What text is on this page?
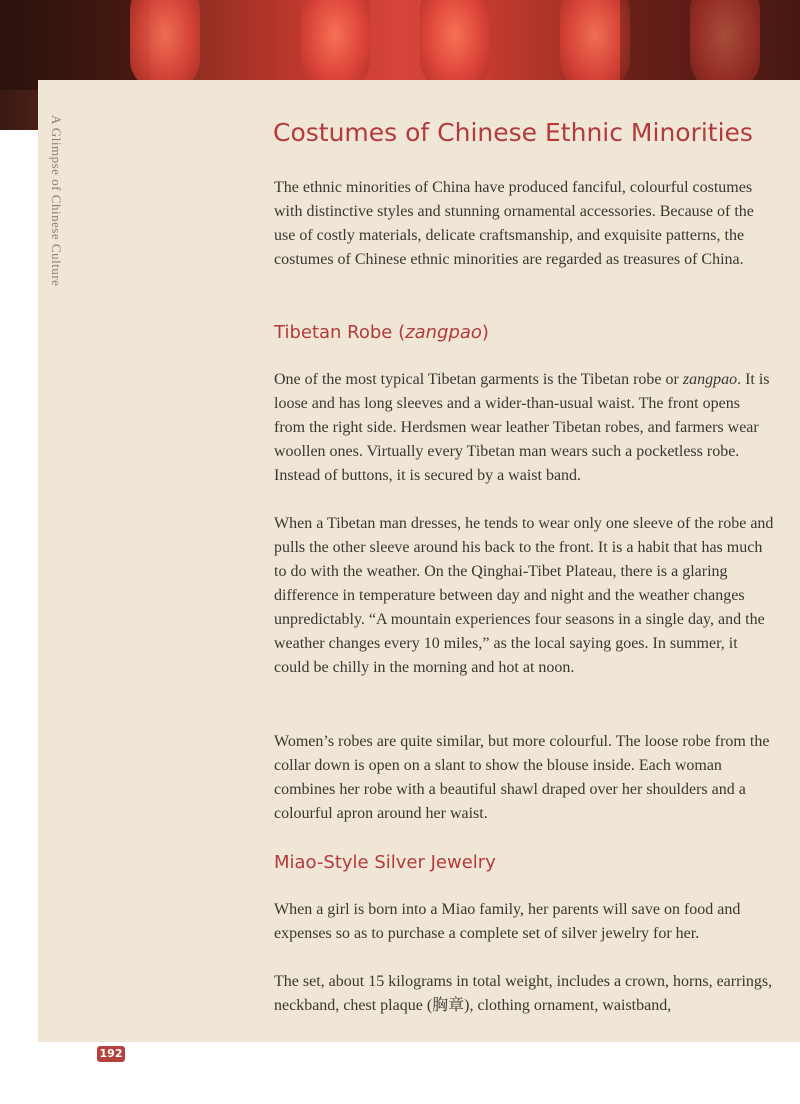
A Glimpse of Chinese Culture	Costumes of Chinese Ethnic Minorities

The ethnic minorities of China have produced fanciful, colourful costumes with distinctive styles and stunning ornamental accessories. Because of the use of costly materials, delicate craftsmanship, and exquisite patterns, the costumes of Chinese ethnic minorities are regarded as treasures of China.

Tibetan Robe (zangpao)

One of the most typical Tibetan garments is the Tibetan robe or zangpao. It is loose and has long sleeves and a wider-than-usual waist. The front opens from the right side. Herdsmen wear leather Tibetan robes, and farmers wear woollen ones. Virtually every Tibetan man wears such a pocketless robe. Instead of buttons, it is secured by a waist band.

When a Tibetan man dresses, he tends to wear only one sleeve of the robe and pulls the other sleeve around his back to the front. It is a habit that has much to do with the weather. On the Qinghai-Tibet Plateau, there is a glaring difference in temperature between day and night and the weather changes unpredictably. “A mountain experiences four seasons in a single day, and the weather changes every 10 miles,” as the local saying goes. In summer, it could be chilly in the morning and hot at noon.

Women’s robes are quite similar, but more colourful. The loose robe from the collar down is open on a slant to show the blouse inside. Each woman combines her robe with a beautiful shawl draped over her shoulders and a colourful apron around her waist.

Miao-Style Silver Jewelry

When a girl is born into a Miao family, her parents will save on food and expenses so as to purchase a complete set of silver jewelry for her.

The set, about 15 kilograms in total weight, includes a crown, horns, earrings, neckband, chest plaque (胸章), clothing ornament, waistband,

192
